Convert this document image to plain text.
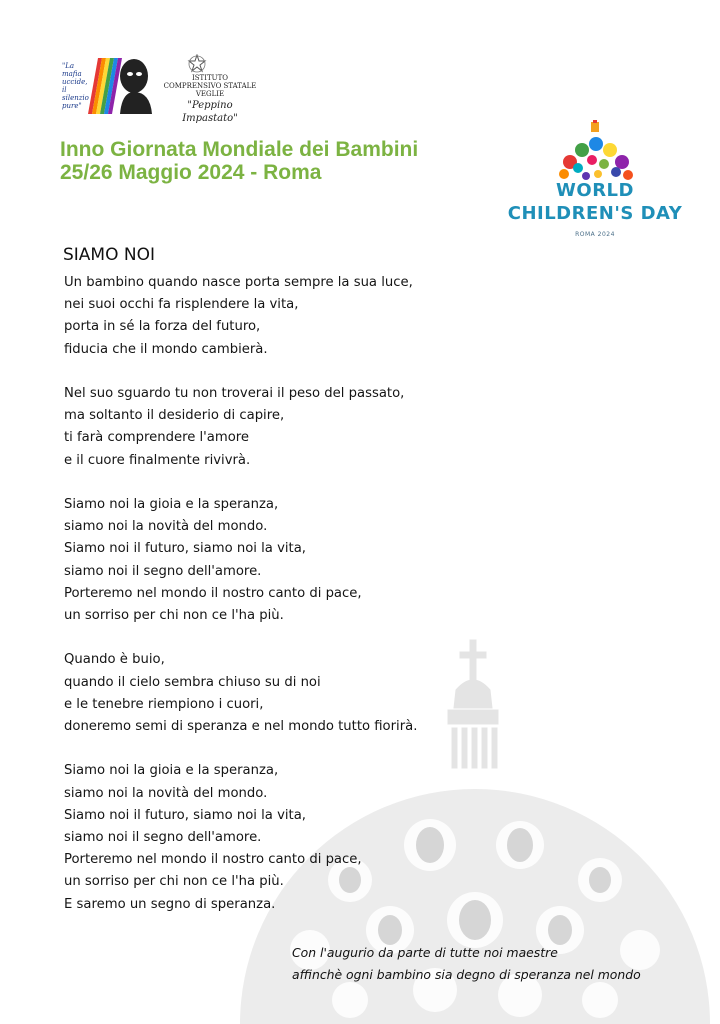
"La
mafia
uccide,
il
silenzio
pure"
ISTITUTO
COMPRENSIVO STATALE
VEGLIE
"Peppino Impastato"
Inno Giornata Mondiale dei Bambini
25/26 Maggio 2024 - Roma
WORLD
CHILDREN'S DAY
ROMA 2024
SIAMO NOI
Un bambino quando nasce porta sempre la sua luce,
nei suoi occhi fa risplendere la vita,
porta in sé la forza del futuro,
fiducia che il mondo cambierà.
Nel suo sguardo tu non troverai il peso del passato,
ma soltanto il desiderio di capire,
ti farà comprendere l'amore
e il cuore finalmente rivivrà.
Siamo noi la gioia e la speranza,
siamo noi la novità del mondo.
Siamo noi il futuro, siamo noi la vita,
siamo noi il segno dell'amore.
Porteremo nel mondo il nostro canto di pace,
un sorriso per chi non ce l'ha più.
Quando è buio,
quando il cielo sembra chiuso su di noi
e le tenebre riempiono i cuori,
doneremo semi di speranza e nel mondo tutto fiorirà.
Siamo noi la gioia e la speranza,
siamo noi la novità del mondo.
Siamo noi il futuro, siamo noi la vita,
siamo noi il segno dell'amore.
Porteremo nel mondo il nostro canto di pace,
un sorriso per chi non ce l'ha più.
E saremo un segno di speranza.
Con l'augurio da parte di tutte noi maestre
affinchè ogni bambino sia degno di speranza nel mondo
